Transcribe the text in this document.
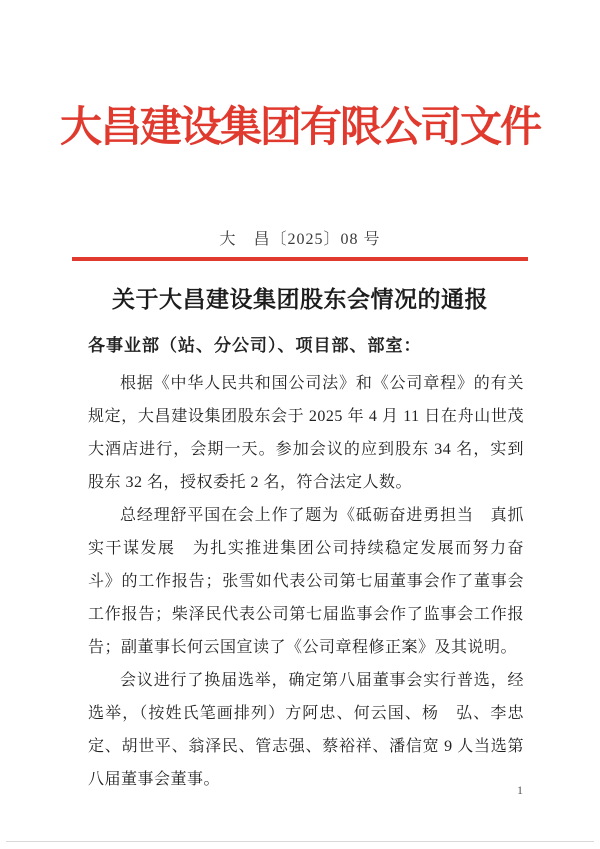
大昌建设集团有限公司文件
大　昌〔2025〕08 号
关于大昌建设集团股东会情况的通报
各事业部（站、分公司）、项目部、部室：

根据《中华人民共和国公司法》和《公司章程》的有关规定，大昌建设集团股东会于 2025 年 4 月 11 日在舟山世茂大酒店进行，会期一天。参加会议的应到股东 34 名，实到股东 32 名，授权委托 2 名，符合法定人数。

总经理舒平国在会上作了题为《砥砺奋进勇担当　真抓实干谋发展　为扎实推进集团公司持续稳定发展而努力奋斗》的工作报告；张雪如代表公司第七届董事会作了董事会工作报告；柴泽民代表公司第七届监事会作了监事会工作报告；副董事长何云国宣读了《公司章程修正案》及其说明。

会议进行了换届选举，确定第八届董事会实行普选，经选举，（按姓氏笔画排列）方阿忠、何云国、杨　弘、李忠定、胡世平、翁泽民、管志强、蔡裕祥、潘信宽 9 人当选第八届董事会董事。

1
